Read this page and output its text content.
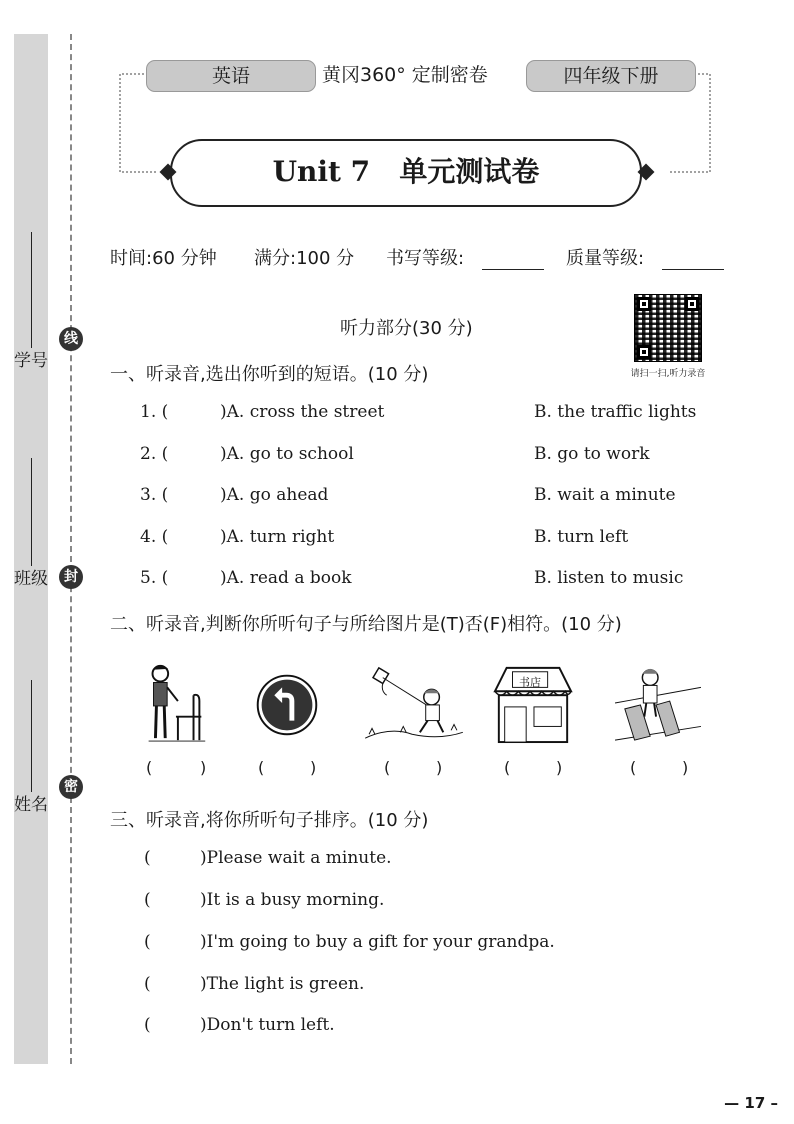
学号
班级
姓名
线
封
密
英语	黄冈360° 定制密卷	四年级下册
Unit 7   单元测试卷
时间:60 分钟 满分:100 分 书写等级:	质量等级:
听力部分(30 分)
请扫一扫,听力录音
一、听录音,选出你听到的短语。(10 分)
1. (	)A. cross the street	B. the traffic lights
2. (	)A. go to school	B. go to work
3. (	)A. go ahead	B. wait a minute
4. (	)A. turn right	B. turn left
5. (	)A. read a book	B. listen to music
二、听录音,判断你所听句子与所给图片是(T)否(F)相符。(10 分)
书店
(	)	(	)	(	)	(	)	(	)
三、听录音,将你所听句子排序。(10 分)
(	)Please wait a minute.
(	)It is a busy morning.
(	)I'm going to buy a gift for your grandpa.
(	)The light is green.
(	)Don't turn left.
— 17 –
